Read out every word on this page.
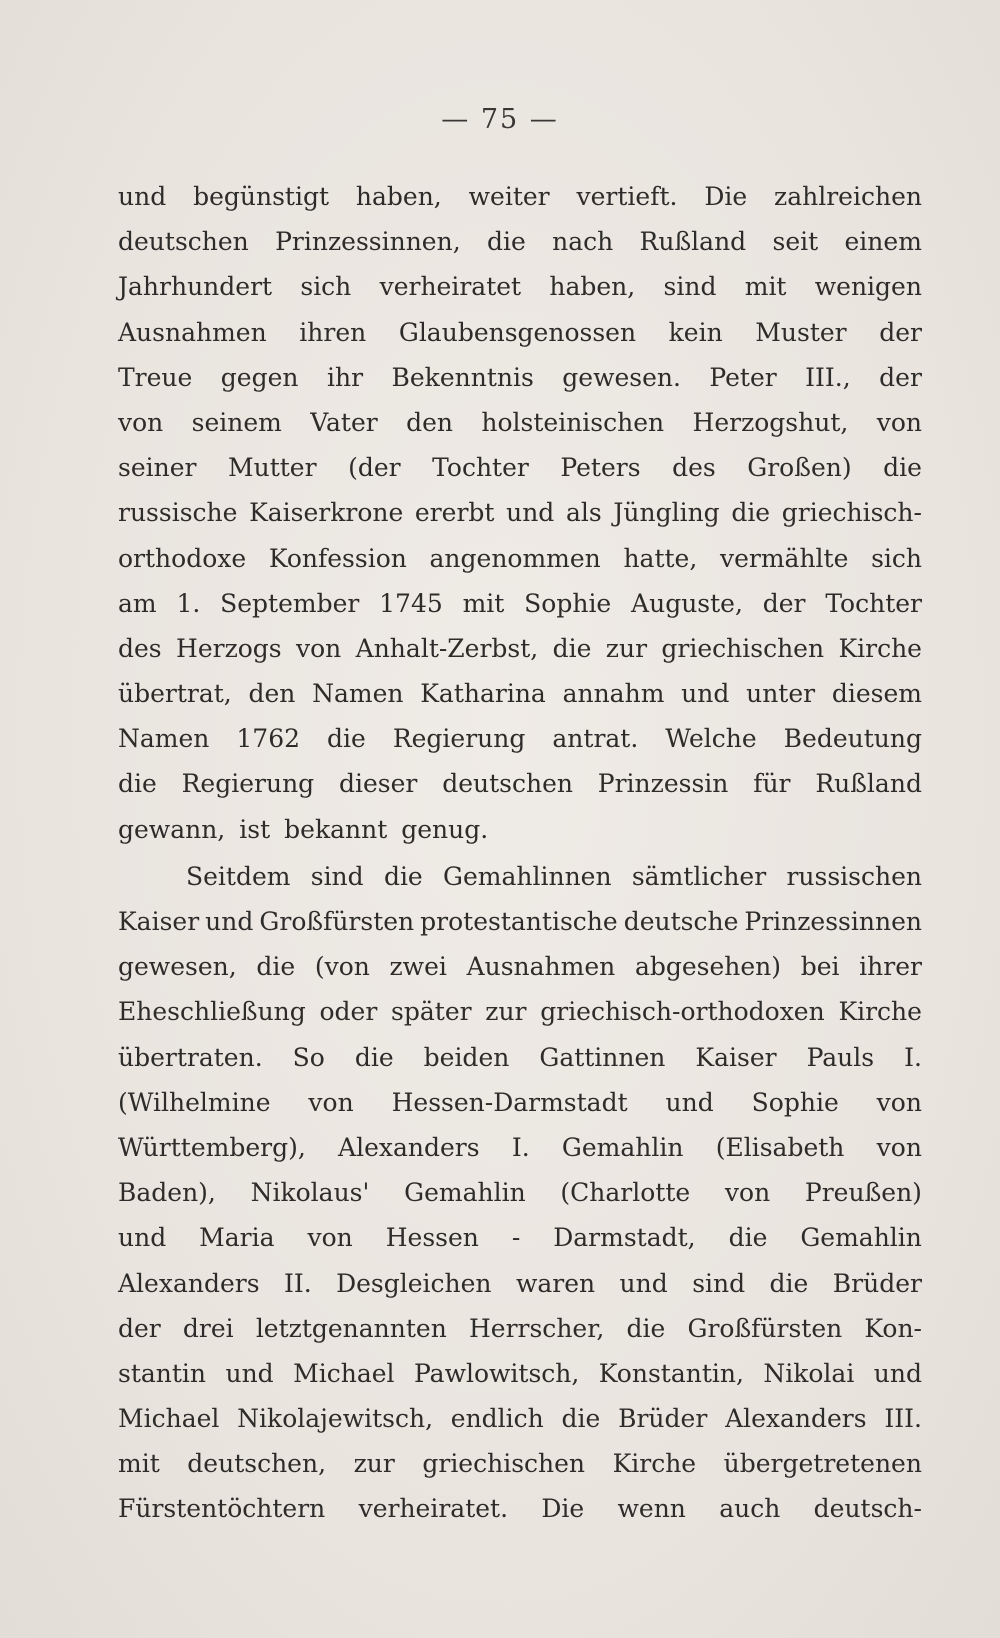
— 75 —
und begünstigt haben, weiter vertieft. Die zahlreichen
deutschen Prinzessinnen, die nach Rußland seit einem
Jahrhundert sich verheiratet haben, sind mit wenigen
Ausnahmen ihren Glaubensgenossen kein Muster der
Treue gegen ihr Bekenntnis gewesen. Peter III., der
von seinem Vater den holsteinischen Herzogshut, von
seiner Mutter (der Tochter Peters des Großen) die
russische Kaiserkrone ererbt und als Jüngling die griechisch-
orthodoxe Konfession angenommen hatte, vermählte sich
am 1. September 1745 mit Sophie Auguste, der Tochter
des Herzogs von Anhalt-Zerbst, die zur griechischen Kirche
übertrat, den Namen Katharina annahm und unter diesem
Namen 1762 die Regierung antrat. Welche Bedeutung
die Regierung dieser deutschen Prinzessin für Rußland
gewann, ist bekannt genug.
Seitdem sind die Gemahlinnen sämtlicher russischen
Kaiser und Großfürsten protestantische deutsche Prinzessinnen
gewesen, die (von zwei Ausnahmen abgesehen) bei ihrer
Eheschließung oder später zur griechisch-orthodoxen Kirche
übertraten. So die beiden Gattinnen Kaiser Pauls I.
(Wilhelmine von Hessen-Darmstadt und Sophie von
Württemberg), Alexanders I. Gemahlin (Elisabeth von
Baden), Nikolaus' Gemahlin (Charlotte von Preußen)
und Maria von Hessen - Darmstadt, die Gemahlin
Alexanders II. Desgleichen waren und sind die Brüder
der drei letztgenannten Herrscher, die Großfürsten Kon-
stantin und Michael Pawlowitsch, Konstantin, Nikolai und
Michael Nikolajewitsch, endlich die Brüder Alexanders III.
mit deutschen, zur griechischen Kirche übergetretenen
Fürstentöchtern verheiratet. Die wenn auch deutsch-
